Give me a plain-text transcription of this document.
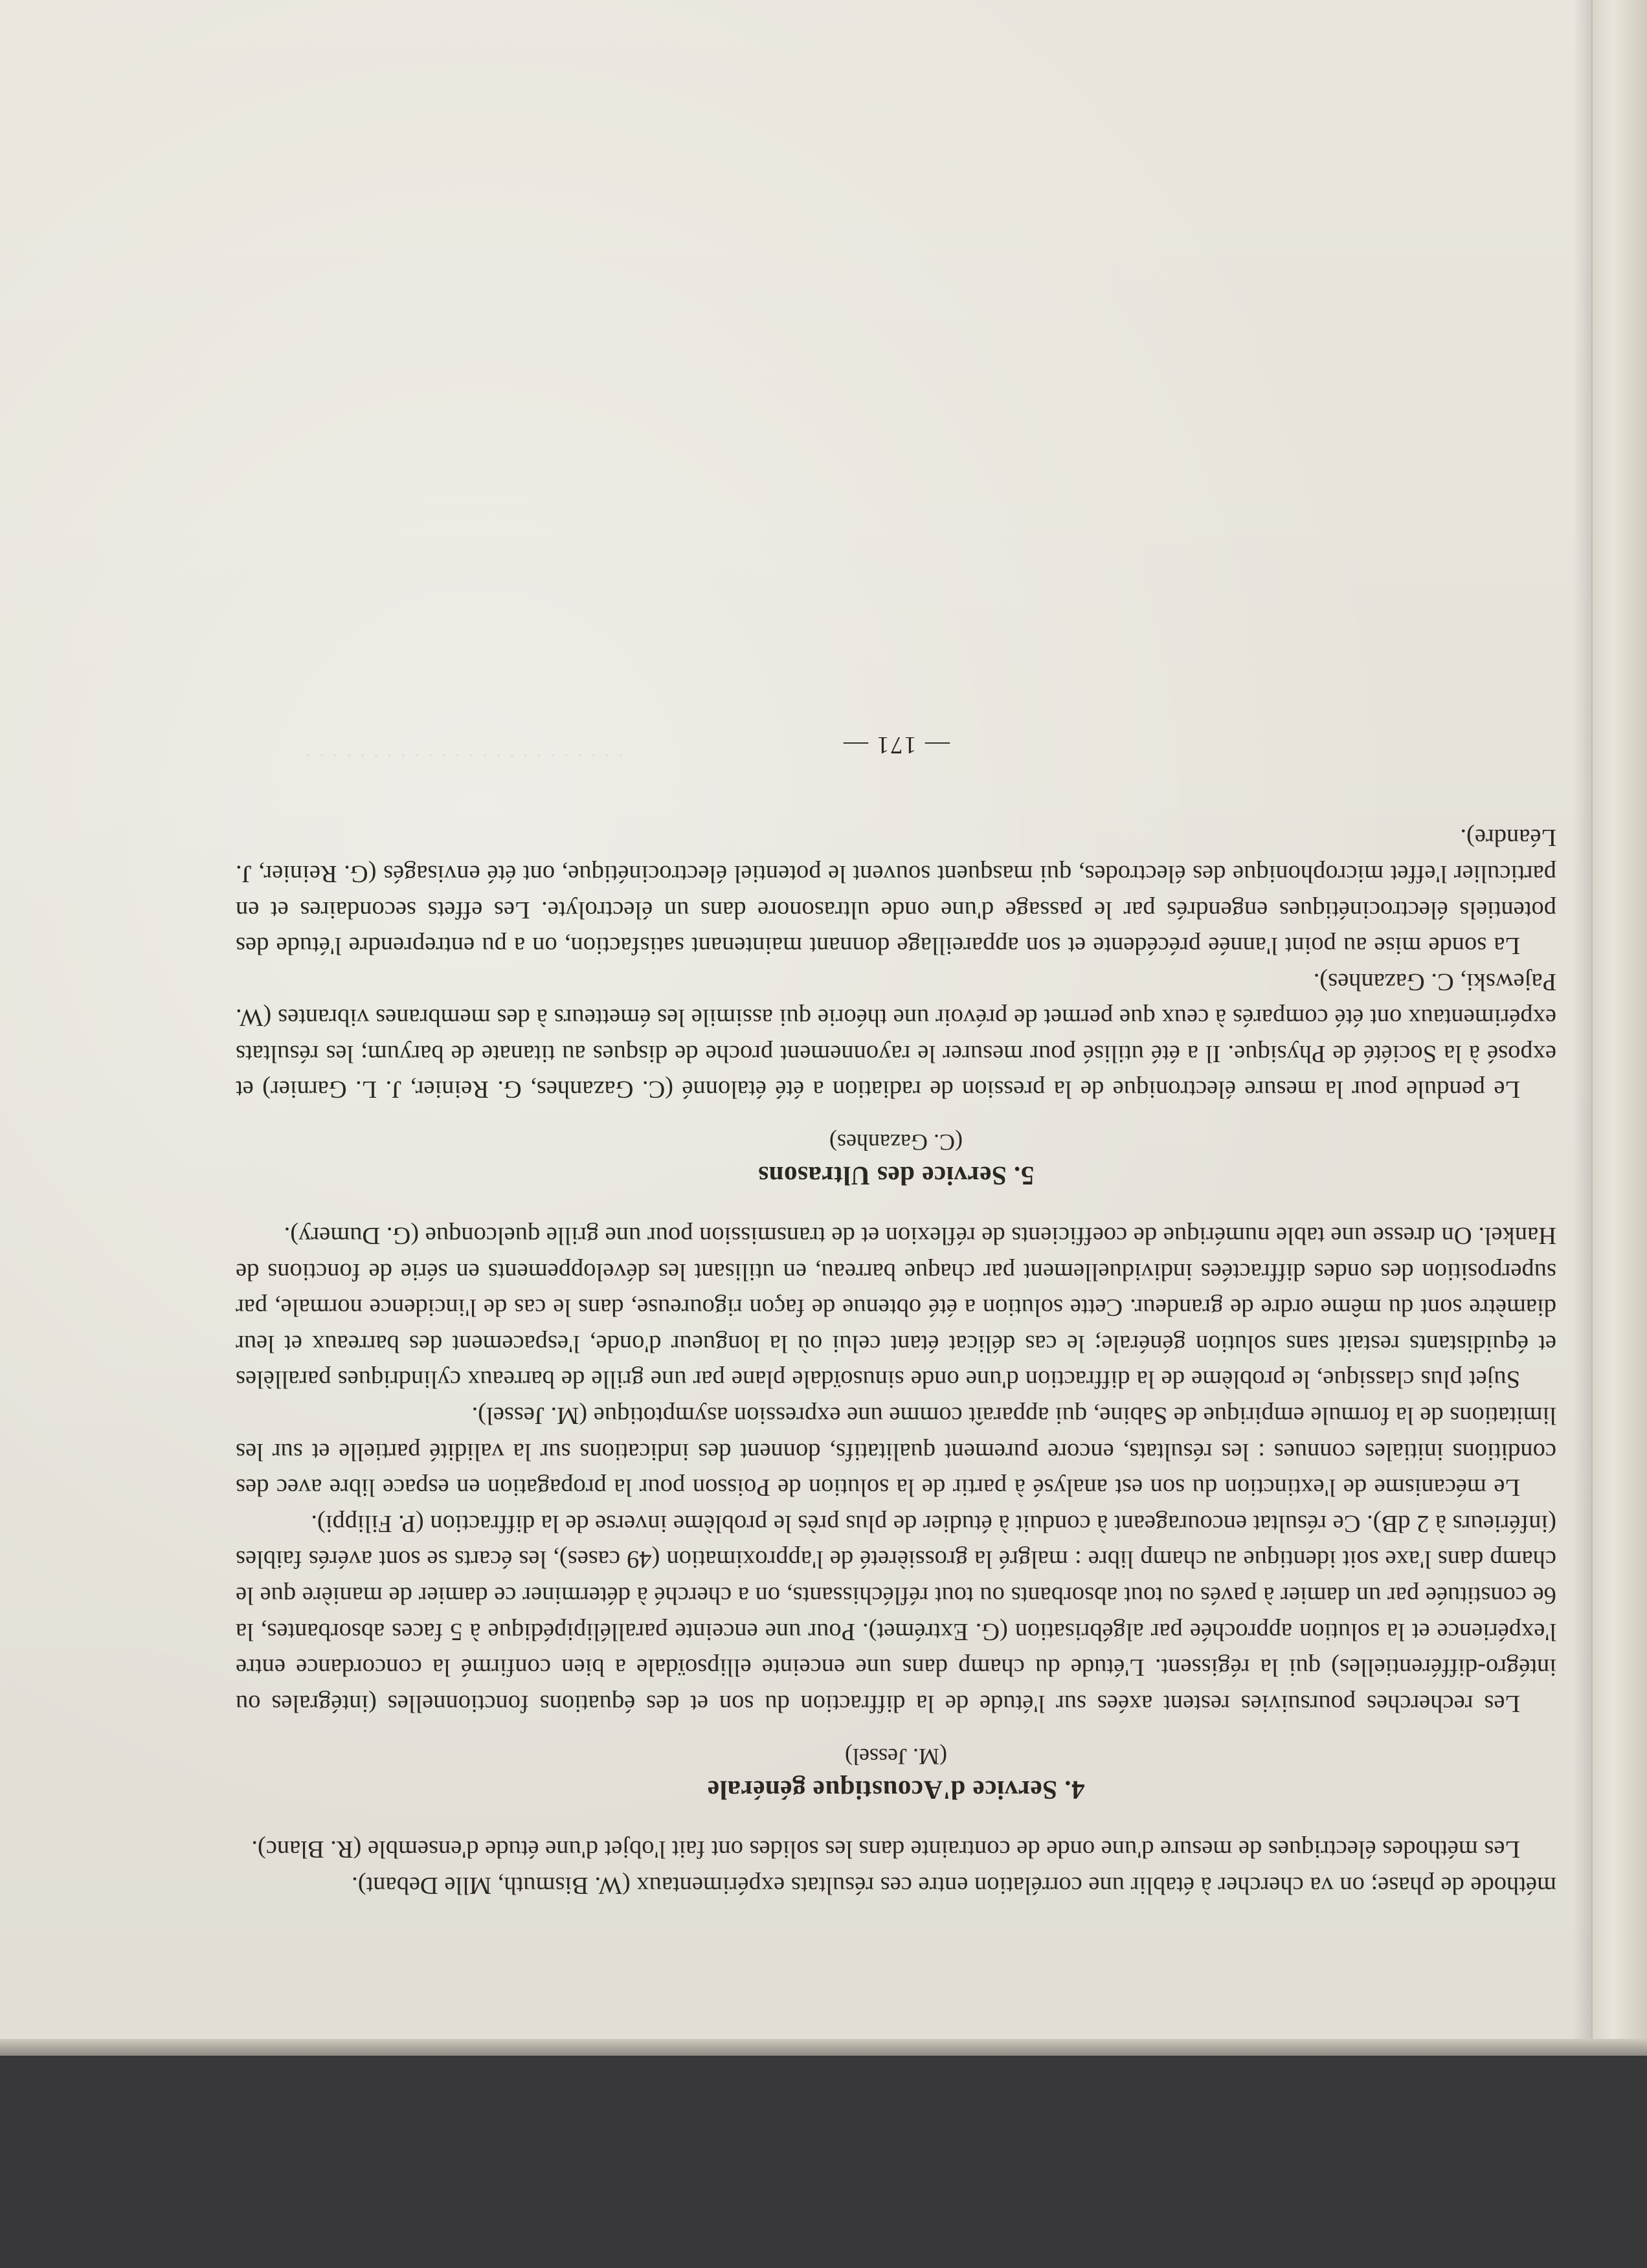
· · · · · · · · · · · · · · · · · · · · · · · ·

méthode de phase; on va chercher à établir une corrélation entre ces résultats expérimentaux (W. Bismuth, Mlle Debant).

Les méthodes électriques de mesure d'une onde de contrainte dans les solides ont fait l'objet d'une étude d'ensemble (R. Blanc).

4. Service d'Acoustique générale
(M. Jessel)

Les recherches poursuivies restent axées sur l'étude de la diffraction du son et des équations fonctionnelles (intégrales ou intégro-différentielles) qui la régissent. L'étude du champ dans une enceinte ellipsoïdale a bien confirmé la concordance entre l'expérience et la solution approchée par algébrisation (G. Extrémet). Pour une enceinte parallélipipédique à 5 faces absorbantes, la 6e constituée par un damier à pavés ou tout absorbants ou tout réfléchissants, on a cherché à déterminer ce damier de manière que le champ dans l'axe soit identique au champ libre : malgré la grossièreté de l'approximation (49 cases), les écarts se sont avérés faibles (inférieurs à 2 dB). Ce résultat encourageant à conduit à étudier de plus près le problème inverse de la diffraction (P. Filippi).

Le mécanisme de l'extinction du son est analysé à partir de la solution de Poisson pour la propagation en espace libre avec des conditions initiales connues : les résultats, encore purement qualitatifs, donnent des indications sur la validité partielle et sur les limitations de la formule empirique de Sabine, qui apparaît comme une expression asymptotique (M. Jessel).

Sujet plus classique, le problème de la diffraction d'une onde sinusoïdale plane par une grille de barreaux cylindriques parallèles et équidistants restait sans solution générale; le cas délicat étant celui où la longueur d'onde, l'espacement des barreaux et leur diamètre sont du même ordre de grandeur. Cette solution a été obtenue de façon rigoureuse, dans le cas de l'incidence normale, par superposition des ondes diffractées individuellement par chaque barreau, en utilisant les développements en série de fonctions de Hankel. On dresse une table numérique de coefficients de réflexion et de transmission pour une grille quelconque (G. Dumery).

5. Service des Ultrasons
(C. Gazanhes)

Le pendule pour la mesure électronique de la pression de radiation a été étalonné (C. Gazanhes, G. Reinier, J. L. Garnier) et exposé à la Société de Physique. Il a été utilisé pour mesurer le rayonnement proche de disques au titanate de baryum; les résultats expérimentaux ont été comparés à ceux que permet de prévoir une théorie qui assimile les émetteurs à des membranes vibrantes (W. Pajewski, C. Gazanhes).

La sonde mise au point l'année précédente et son appareillage donnant maintenant satisfaction, on a pu entreprendre l'étude des potentiels électrocinétiques engendrés par le passage d'une onde ultrasonore dans un électrolyte. Les effets secondaires et en particulier l'effet microphonique des électrodes, qui masquent souvent le potentiel électrocinétique, ont été envisagés (G. Reinier, J. Léandre).

— 171 —
